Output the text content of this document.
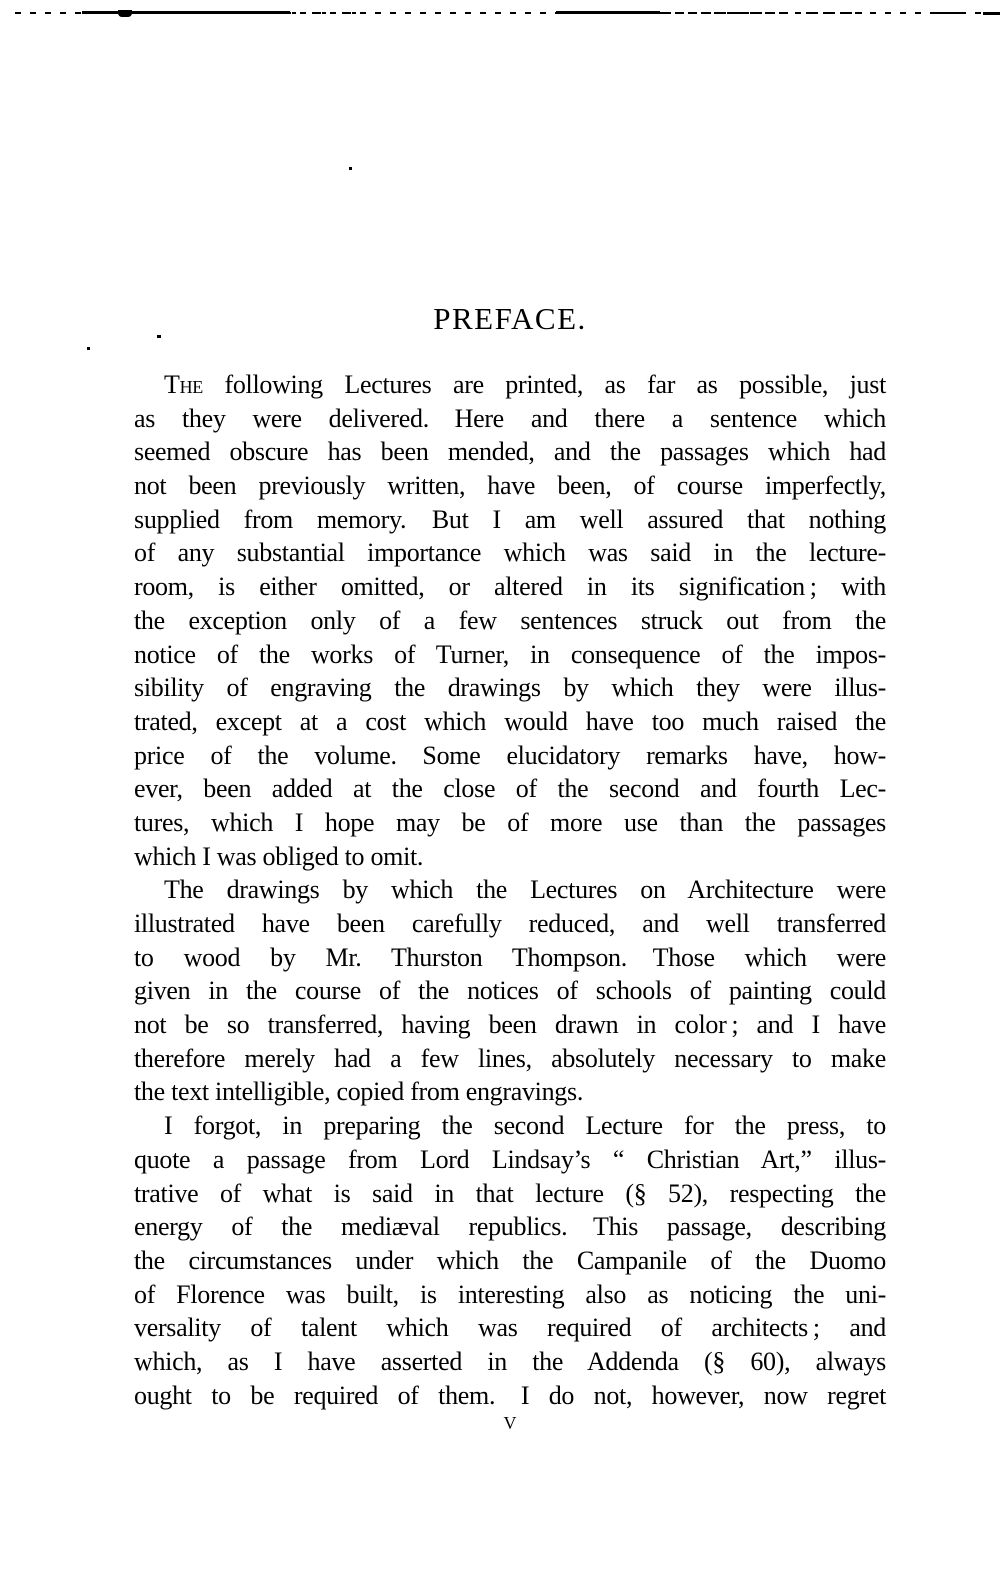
PREFACE.
The following Lectures are printed, as far as possible, just
as they were delivered. Here and there a sentence which
seemed obscure has been mended, and the passages which had
not been previously written, have been, of course imperfectly,
supplied from memory. But I am well assured that nothing
of any substantial importance which was said in the lecture-
room, is either omitted, or altered in its signification ; with
the exception only of a few sentences struck out from the
notice of the works of Turner, in consequence of the impos-
sibility of engraving the drawings by which they were illus-
trated, except at a cost which would have too much raised the
price of the volume. Some elucidatory remarks have, how-
ever, been added at the close of the second and fourth Lec-
tures, which I hope may be of more use than the passages
which I was obliged to omit.
The drawings by which the Lectures on Architecture were
illustrated have been carefully reduced, and well transferred
to wood by Mr. Thurston Thompson. Those which were
given in the course of the notices of schools of painting could
not be so transferred, having been drawn in color ; and I have
therefore merely had a few lines, absolutely necessary to make
the text intelligible, copied from engravings.
I forgot, in preparing the second Lecture for the press, to
quote a passage from Lord Lindsay’s “ Christian Art,” illus-
trative of what is said in that lecture (§ 52), respecting the
energy of the mediæval republics. This passage, describing
the circumstances under which the Campanile of the Duomo
of Florence was built, is interesting also as noticing the uni-
versality of talent which was required of architects ; and
which, as I have asserted in the Addenda (§ 60), always
ought to be required of them. I do not, however, now regret
v
